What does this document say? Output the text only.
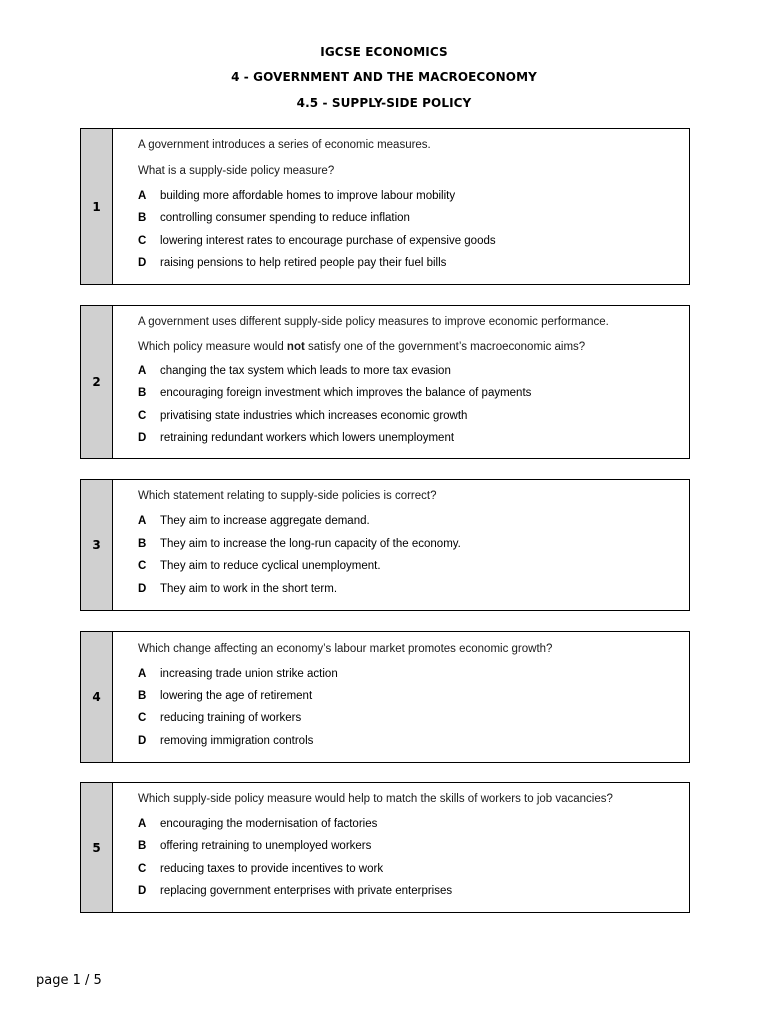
IGCSE ECONOMICS
4 - GOVERNMENT AND THE MACROECONOMY
4.5 - SUPPLY-SIDE POLICY
1
A government introduces a series of economic measures.
What is a supply-side policy measure?
A building more affordable homes to improve labour mobility
B controlling consumer spending to reduce inflation
C lowering interest rates to encourage purchase of expensive goods
D raising pensions to help retired people pay their fuel bills
2
A government uses different supply-side policy measures to improve economic performance.
Which policy measure would not satisfy one of the government’s macroeconomic aims?
A changing the tax system which leads to more tax evasion
B encouraging foreign investment which improves the balance of payments
C privatising state industries which increases economic growth
D retraining redundant workers which lowers unemployment
3
Which statement relating to supply-side policies is correct?
A They aim to increase aggregate demand.
B They aim to increase the long-run capacity of the economy.
C They aim to reduce cyclical unemployment.
D They aim to work in the short term.
4
Which change affecting an economy’s labour market promotes economic growth?
A increasing trade union strike action
B lowering the age of retirement
C reducing training of workers
D removing immigration controls
5
Which supply-side policy measure would help to match the skills of workers to job vacancies?
A encouraging the modernisation of factories
B offering retraining to unemployed workers
C reducing taxes to provide incentives to work
D replacing government enterprises with private enterprises
page 1 / 5
